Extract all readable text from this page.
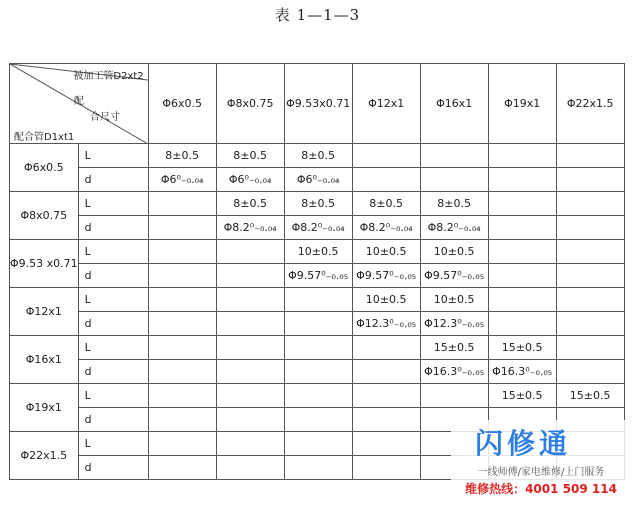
表 1—1—3
被加工管D2xt2
配
合尺寸
配合管D1xt1		Φ6x0.5	Φ8x0.75	Φ9.53x0.71	Φ12x1	Φ16x1	Φ19x1	Φ22x1.5
Φ6x0.5	L	8±0.5	8±0.5	8±0.5				
	d	Φ6⁰₋₀.₀₄	Φ6⁰₋₀.₀₄	Φ6⁰₋₀.₀₄				
Φ8x0.75	L		8±0.5	8±0.5	8±0.5	8±0.5		
	d		Φ8.2⁰₋₀.₀₄	Φ8.2⁰₋₀.₀₄	Φ8.2⁰₋₀.₀₄	Φ8.2⁰₋₀.₀₄		
Φ9.53 x0.71	L			10±0.5	10±0.5	10±0.5		
	d			Φ9.57⁰₋₀.₀₅	Φ9.57⁰₋₀.₀₅	Φ9.57⁰₋₀.₀₅		
Φ12x1	L				10±0.5	10±0.5		
	d				Φ12.3⁰₋₀.₀₅	Φ12.3⁰₋₀.₀₅		
Φ16x1	L					15±0.5	15±0.5	
	d					Φ16.3⁰₋₀.₀₅	Φ16.3⁰₋₀.₀₅	
Φ19x1	L						15±0.5	15±0.5
	d							
Φ22x1.5	L							
	d							
闪修通
一线师傅/家电维修/上门服务
维修热线：4001 509 114
